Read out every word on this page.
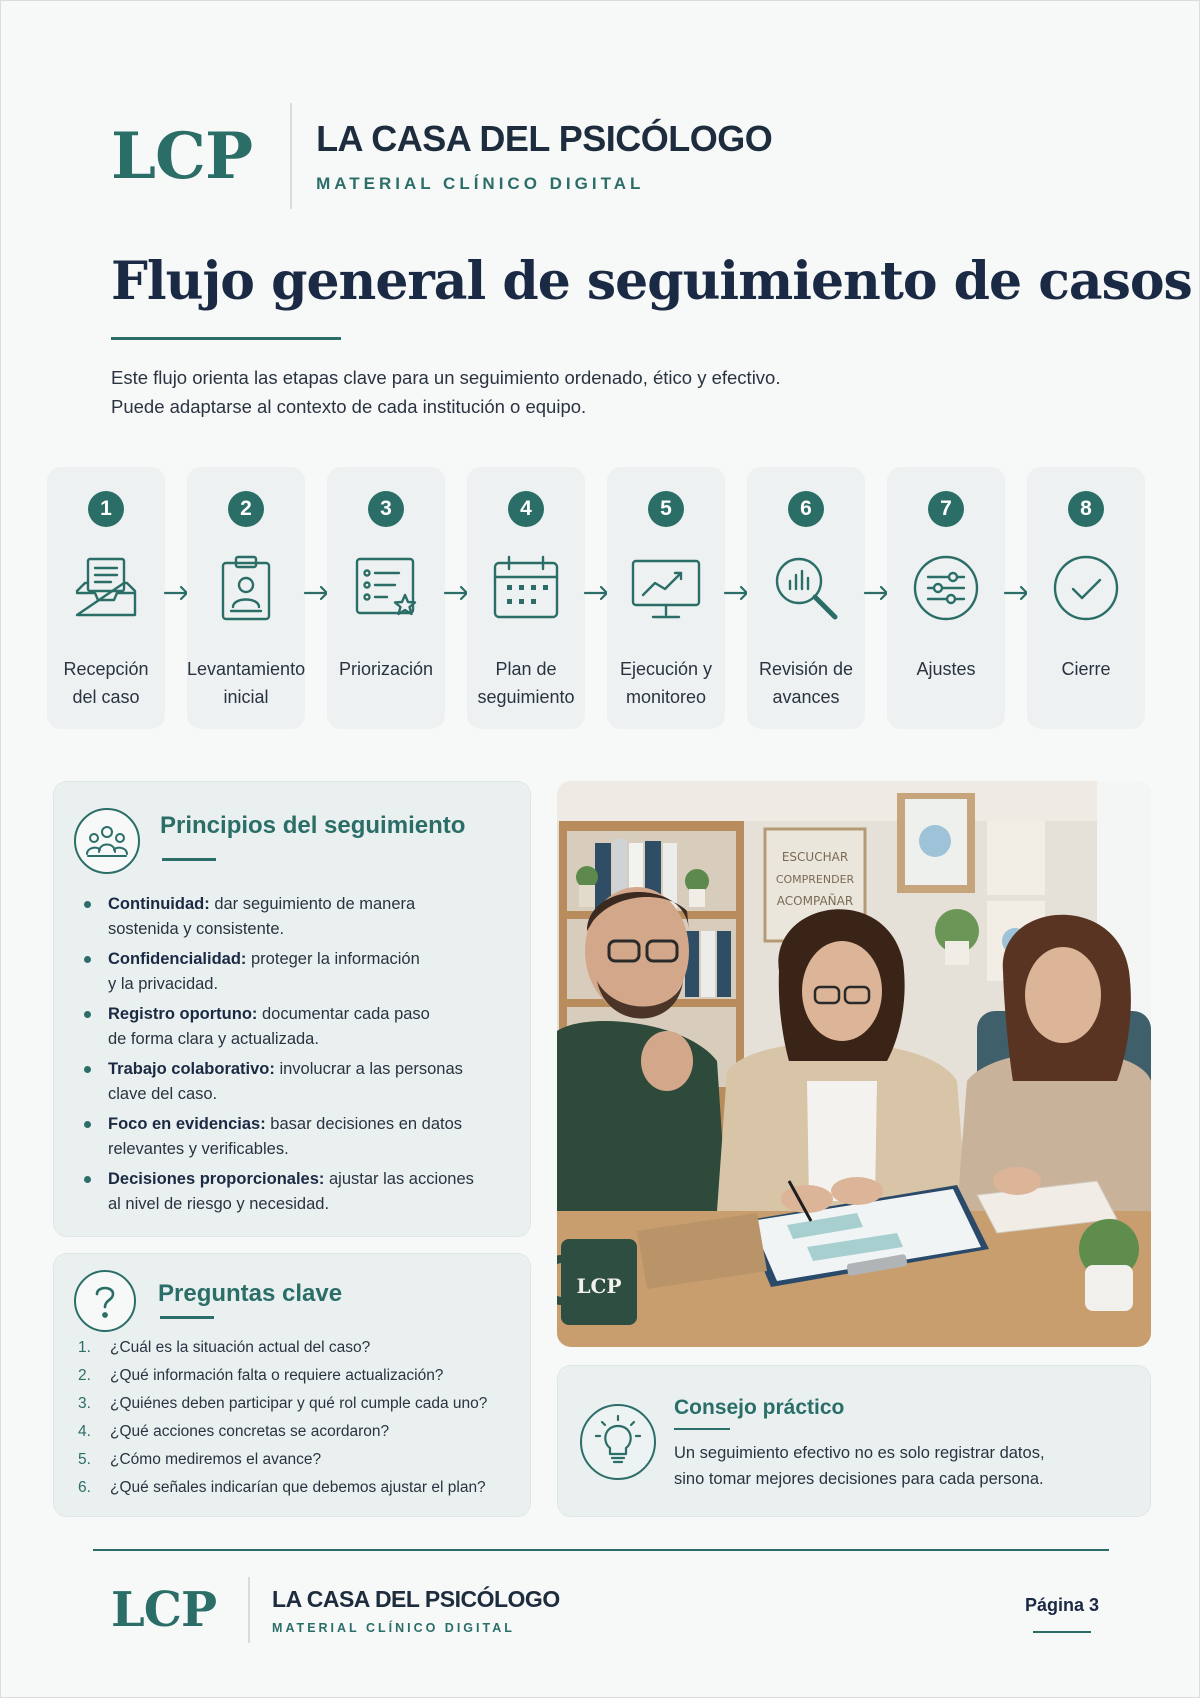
LCP LA CASA DEL PSICÓLOGO
MATERIAL CLÍNICO DIGITAL
Flujo general de seguimiento de casos

Este flujo orienta las etapas clave para un seguimiento ordenado, ético y efectivo.

Puede adaptarse al contexto de cada institución o equipo.

1
Recepción
del caso
2
Levantamiento
inicial
3
Priorización
4
Plan de
seguimiento
5
Ejecución y
monitoreo
6
Revisión de
avances
7
Ajustes
8
Cierre
Principios del seguimiento
Continuidad: dar seguimiento de manera
sostenida y consistente.
Confidencialidad: proteger la información
y la privacidad.
Registro oportuno: documentar cada paso
de forma clara y actualizada.
Trabajo colaborativo: involucrar a las personas
clave del caso.
Foco en evidencias: basar decisiones en datos
relevantes y verificables.
Decisiones proporcionales: ajustar las acciones
al nivel de riesgo y necesidad.
Preguntas clave
1.	¿Cuál es la situación actual del caso?
2.	¿Qué información falta o requiere actualización?
3.	¿Quiénes deben participar y qué rol cumple cada uno?
4.	¿Qué acciones concretas se acordaron?
5.	¿Cómo mediremos el avance?
6.	¿Qué señales indicarían que debemos ajustar el plan?
ESCUCHAR
COMPRENDER
ACOMPAÑAR
LCP
Consejo práctico
Un seguimiento efectivo no es solo registrar datos,
sino tomar mejores decisiones para cada persona.
LCP LA CASA DEL PSICÓLOGO
MATERIAL CLÍNICO DIGITAL
Página 3
